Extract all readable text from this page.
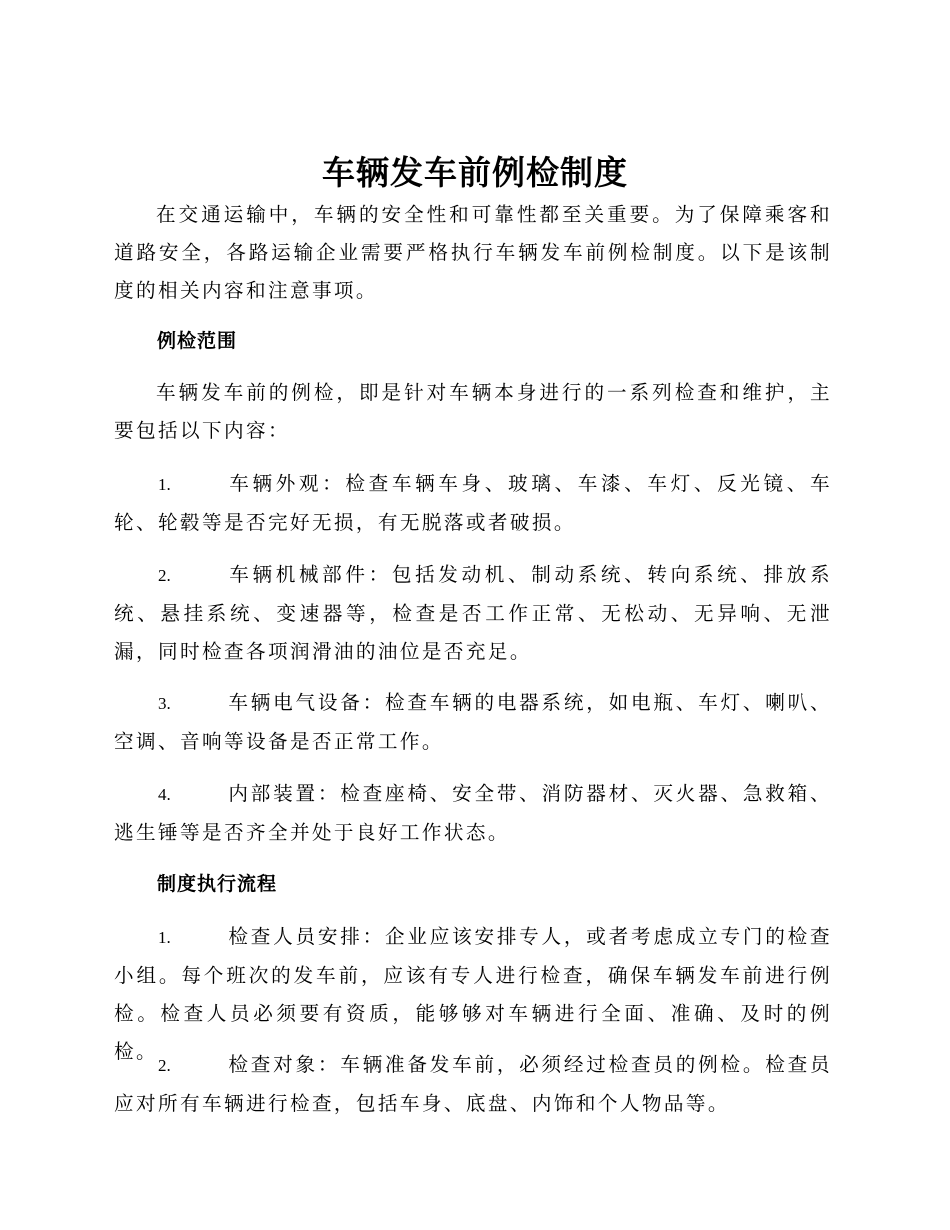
车辆发车前例检制度
在交通运输中，车辆的安全性和可靠性都至关重要。为了保障乘客和道路安全，各路运输企业需要严格执行车辆发车前例检制度。以下是该制度的相关内容和注意事项。
例检范围
车辆发车前的例检，即是针对车辆本身进行的一系列检查和维护，主要包括以下内容：
1.	车辆外观：检查车辆车身、玻璃、车漆、车灯、反光镜、车轮、轮毂等是否完好无损，有无脱落或者破损。
2.	车辆机械部件：包括发动机、制动系统、转向系统、排放系统、悬挂系统、变速器等，检查是否工作正常、无松动、无异响、无泄漏，同时检查各项润滑油的油位是否充足。
3.	车辆电气设备：检查车辆的电器系统，如电瓶、车灯、喇叭、空调、音响等设备是否正常工作。
4.	内部装置：检查座椅、安全带、消防器材、灭火器、急救箱、逃生锤等是否齐全并处于良好工作状态。
制度执行流程
1.	检查人员安排：企业应该安排专人，或者考虑成立专门的检查小组。每个班次的发车前，应该有专人进行检查，确保车辆发车前进行例检。检查人员必须要有资质，能够够对车辆进行全面、准确、及时的例检。
2.	检查对象：车辆准备发车前，必须经过检查员的例检。检查员应对所有车辆进行检查，包括车身、底盘、内饰和个人物品等。
